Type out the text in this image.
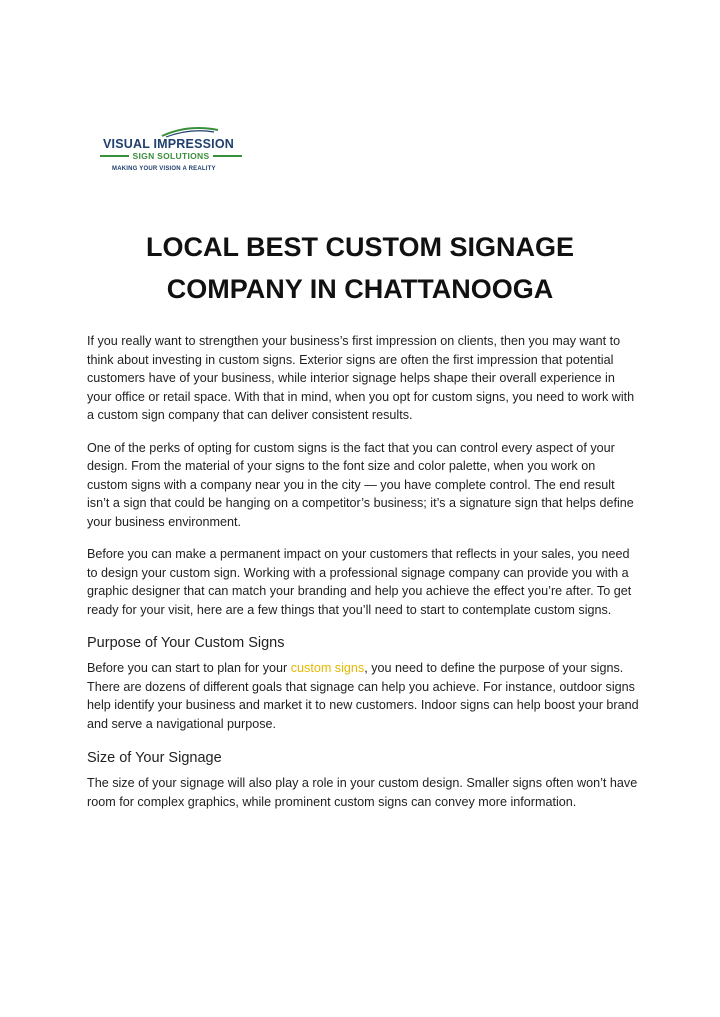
VISUAL IMPRESSION
SIGN SOLUTIONS
MAKING YOUR VISION A REALITY
LOCAL BEST CUSTOM SIGNAGE
COMPANY IN CHATTANOOGA

If you really want to strengthen your business’s first impression on clients, then you may want to think about investing in custom signs. Exterior signs are often the first impression that potential customers have of your business, while interior signage helps shape their overall experience in your office or retail space. With that in mind, when you opt for custom signs, you need to work with a custom sign company that can deliver consistent results.

One of the perks of opting for custom signs is the fact that you can control every aspect of your design. From the material of your signs to the font size and color palette, when you work on custom signs with a company near you in the city — you have complete control. The end result isn’t a sign that could be hanging on a competitor’s business; it’s a signature sign that helps define your business environment.

Before you can make a permanent impact on your customers that reflects in your sales, you need to design your custom sign. Working with a professional signage company can provide you with a graphic designer that can match your branding and help you achieve the effect you’re after. To get ready for your visit, here are a few things that you’ll need to start to contemplate custom signs.

Purpose of Your Custom Signs

Before you can start to plan for your custom signs, you need to define the purpose of your signs. There are dozens of different goals that signage can help you achieve. For instance, outdoor signs help identify your business and market it to new customers. Indoor signs can help boost your brand and serve a navigational purpose.

Size of Your Signage

The size of your signage will also play a role in your custom design. Smaller signs often won’t have room for complex graphics, while prominent custom signs can convey more information.
